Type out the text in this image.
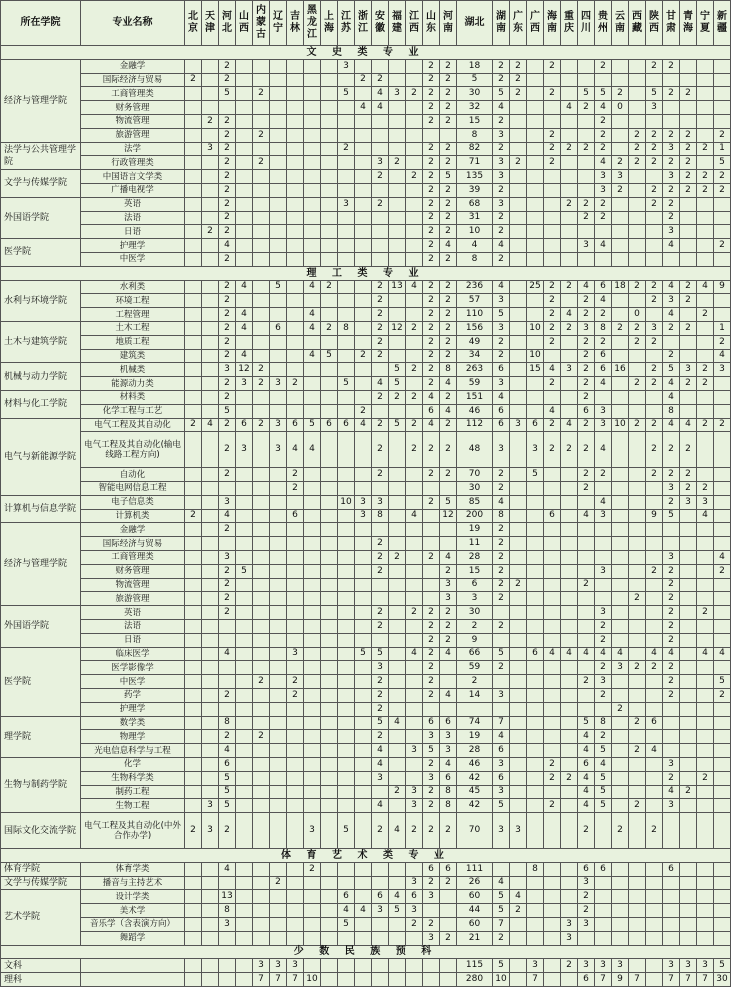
所在学院	专业名称	北京	天津	河北	山西	内蒙古	辽宁	吉林	黑龙江	上海	江苏	浙江	安徽	福建	江西	山东	河南	湖北	湖南	广东	广西	海南	重庆	四川	贵州	云南	西藏	陕西	甘肃	青海	宁夏	新疆
文 史 类 专 业																																
经济与管理学院	金融学			2							3					2	2	18	2	2		2			2			2	2			
	国际经济与贸易	2		2								2	2			2	2	5	2	2												
	工商管理类			5		2					5		4	3	2	2	2	30	5	2		2		5	5	2		5	2	2		
	财务管理											4	4			2	2	32	4				4	2	4	0		3				
	物流管理		2	2												2	2	15	2						2							
	旅游管理			2		2												8	3			2			2		2	2	2	2		2
法学与公共管理学院	法学		3	2							2					2	2	82	2			2	2	2	2		2	2	3	2	2	1
	行政管理类			2		2							3	2		2	2	71	3	2		2			4	2	2	2	2	2		5
文学与传媒学院	中国语言文学类			2									2		2	2	5	135	3						3	3			3	2	2	2
	广播电视学			2												2	2	39	2						3	2		2	2	2	2	2
外国语学院	英语			2							3		2			2	2	68	3				2	2	2			2	2			
	法语			2												2	2	31	2					2	2				2			
	日语		2	2												2	2	10	2										3			
医学院	护理学			4												2	4	4	4					3	4				4			2
	中医学			2												2	2	8	2													
理 工 类 专 业																																
水利与环境学院	水利类			2	4		5		4	2			2	13	4	2	2	236	4		25	2	2	4	6	18	2	2	4	2	4	9
	环境工程			2									2			2	2	57	3			2		2	4			2	3	2		
	工程管理			2	4				4				2			2	2	110	5			2	4	2	2		0		4		2	
土木与建筑学院	土木工程			2	4		6		4	2	8		2	12	2	2	2	156	3		10	2	2	3	8	2	2	3	2	2		1
	地质工程			2									2			2	2	49	2			2		2	2		2	2				2
	建筑类			2	4				4	5		2	2			2	2	34	2		10			2	6				2			4
机械与动力学院	机械类			3	12	2								5	2	2	8	263	6		15	4	3	2	6	16		2	5	3	2	3
	能源动力类			2	3	2	3	2			5		4	5		2	4	59	3			2		2	4		2	2	4	2	2	
材料与化工学院	材料类			2									2	2	2	4	2	151	4					2					4			
	化学工程与工艺			5								2				6	4	46	6			4		6	3				8			
电气与新能源学院	电气工程及其自动化	2	4	2	6	2	3	6	5	6	6	4	2	5	2	4	2	112	6	3	6	2	4	2	3	10	2	2	4	4	2	2
	电气工程及其自动化(输电线路工程方向)			2	3		3	4	4				2		2	2	2	48	3		3	2	2	2	4			2	2	2		
	自动化			2				2					2			2	2	70	2		5			2	2			2	2	2		
	智能电网信息工程							2										30	2					2					3	2	2	
计算机与信息学院	电子信息类			3							10	3	3			2	5	85	4						4				2	3	3	
	计算机类	2		4				6				3	8		4		12	200	8			6		4	3			9	5		4	
经济与管理学院	金融学			2														19	2													
	国际经济与贸易												2					11	2													
	工商管理类			3									2	2		2	4	28	2										3			4
	财务管理			2	5								2				2	15	2						3			2	2			2
	物流管理			2													3	6	2	2				2					2			
	旅游管理			2													3	3	2								2		2			
外国语学院	英语			2									2		2	2	2	30							3				2		2	
	法语												2			2	2	2	2						2				2			
	日语															2	2	9							2				2			
医学院	临床医学			4				3				5	5		4	2	4	66	5		6	4	4	4	4	4		4	4		4	4
	医学影像学												3			2		59	2						2	3	2	2	2			
	中医学					2		2					2			2		2						2	3				2			5
	药学			2				2					2			2	4	14	3						2				2			2
	护理学												2													2						
理学院	数学类			8									5	4		6	6	74	7					5	8		2	6				
	物理学			2		2							2			3	3	19	4					4	2							
	光电信息科学与工程			4									4		3	5	3	28	6					4	5		2	4				
生物与制药学院	化学			6									4			2	4	46	3			2		6	4				3			
	生物科学类			5									3			3	6	42	6			2	2	4	5				2		2	
	制药工程			5										2	3	2	8	45	3					4	5				4	2		
	生物工程		3	5									4		3	2	8	42	5			2		4	5		2		3			
国际文化交流学院	电气工程及其自动化(中外合作办学)	2	3	2					3		5		2	4	2	2	2	70	3	3				2		2		2				
体 育 艺 术 类 专 业																																
体育学院	体育学类			4					2							6	6	111			8			6	6				6			
文学与传媒学院	播音与主持艺术						2								3	2	2	26	4					3								
艺术学院	设计学类			13							6		6	4	6	3		60	5	4				2								
	美术学			8							4	4	3	5	3			44	5	2				2								
	音乐学（含表演方向）			3							5				2	2		60	7				3	3								
	舞蹈学															3	2	21	2				3									
少 数 民 族 预 科																																
文科						3	3	3										115	5		3		2	3	3	3			3	3	3	5
理科						7	7	7	10									280	10		7			6	7	9	7		7	7	7	30
